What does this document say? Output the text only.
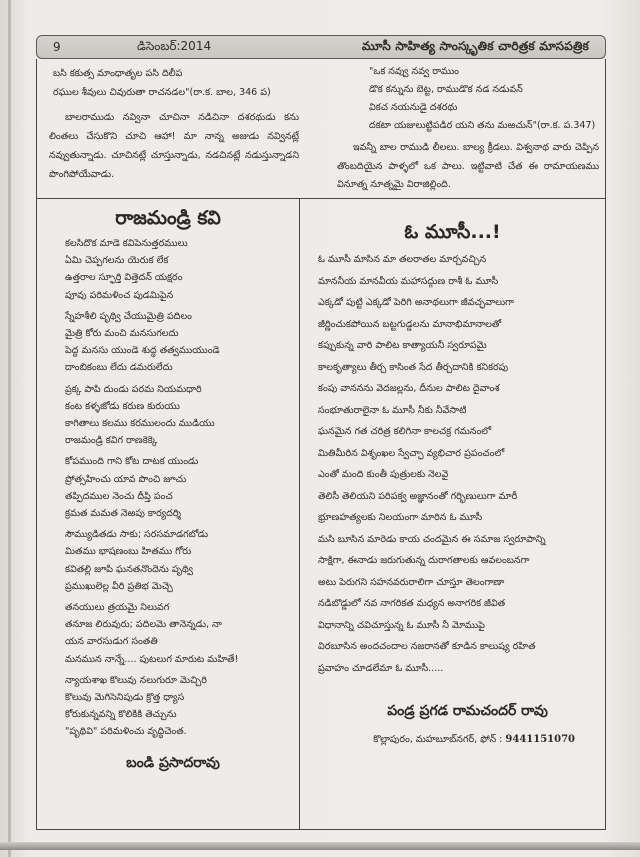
9	డిసెంబర్:2014	మూసీ సాహిత్య సాంస్కృతిక చారిత్రక మాసపత్రిక
బసి కకుత్స మాంధాతృల పసి దిలీప
రఘుల శీవులు చివురుతా రాచనడల"(రా.క. బాల, 346 ప)
బాలరాముడు నవ్వినా చూచినా నడిచినా దశరథుడు కను లింతలు చేసుకొని చూచి ఆహా! మా నాన్న అజుడు నవ్వినట్లే నవ్వుతున్నాడు. చూచినట్లే చూస్తున్నాడు, నడచినట్లే నడుస్తున్నాడని పొంగిపోయేవాడు.
"ఒక నవ్వు నవ్వ రాముం
డొక కన్నును బెట్ట, రాముడొక నడ నడువన్
వికచ నయనుడై దశరథు
దకటా యజులుట్టిపడిర యని తను మఱచున్"(రా.క. ప.347)
ఇవన్నీ బాల రాముడి లీలలు. బాల్య క్రీడలు. విశ్వనాథ వారు చెప్పిన తొంబదియైన పాళ్ళలో ఒక పాలు. ఇట్టివాటి చేత ఈ రామాయణము వినూత్న నూత్నమై విరాజిల్లింది.
రాజమండ్రి కవి
కలసిదొక మాడె కవిపెనుత్తరములు
ఏమి చెప్పగలను యెరుక లేక
ఉత్తరాల స్ఫూర్తి విత్తెదన్ యక్షరం
పూవు పరిమళించ పుడమిపైన
స్నేహశీలి పృథ్వి చేయుమైత్రి పదిలం
మైత్రి కోరు మంచి మనసుగలదు
పెద్ద మనసు యుండె శుద్ధ తత్వముయుండె
దాంబికంబు లేదు డమరులేదు
ప్రక్క పాపి దుండు పరమ నియమధారి
కంట కళ్ళజోడు కరుణ కురుయు
కాగితాలు కలము కరములందు ముడియు
రాజమండ్రి కవిగ రాణకెక్కె
కోపముంది గాని కోట దాటక యుండు
ప్రోత్సహించు యావ పొంచి జూచు
తప్పిదముల నెంచు దీప్తి పంచ
క్రమత మమత నెఱపు కార్యదర్శి
సౌమ్యుడితడు సాకు; సరసమాడగబోడు
మితము భాషణంబు హితము గోరు
కవితల్లి జూపి ఘనతనొందెను పృథ్వి
ప్రముఖులెల్ల వీరి ప్రతిభ మెచ్చె
తనయులు త్రయమై నిలువగ
తనూజ లిరువురు; పదిలమె తానెన్నడు, నా
యన వారసుడుగ సంతతి
మనమున నాన్నే.... పుటలుగ మారుట మహితే!
న్యాయశాఖ కొలువు నలుగురూ మెచ్చిరి
కొలువు మెగిసెనిపుడు క్రొత్త ధ్యాస
కోరుకున్నవన్ని కొలికికి తెచ్చును
"పృథివి" పరిమళించు వృద్ధిచెంత.
బండి ప్రసాదరావు
ఓ మూసీ...!
ఓ మూసీ మాసిన మా తలరాతల మార్చవచ్చిన
మాననీయ మానవీయ మహాసద్గుణ రాశీ ఓ మూసీ
ఎక్కడో పుట్టి ఎక్కడో పెరిగి అనాథలుగా జీవచ్ఛవాలుగా
జీర్ణించుకపోయిన బట్టగుడ్డలను మానాభిమానాలతో
కప్పుకున్న వారి పాలిట కాత్యాయనీ స్వరూపమై
కాలకృత్యాలు తీర్చ కాసింత సేద తీర్చదానికి కనికరపు
కంపు వాననను వెదజల్లను, దీనుల పాలిట దైవాంశ
సంభూతురాలైనా ఓ మూసీ నీకు నీవేసాటి
ఘనమైన గత చరిత్ర కలిగినా కాలచక్ర గమనంలో
మితిమీరిన విశృంఖల స్వేచ్ఛా వ్యభిచార ప్రపంచంలో
ఎంతో మంది కుంతీ పుత్రులకు నెలవై
తెలిసీ తెలియని పరిపక్వ అజ్ఞానంతో గర్భిణులుగా మారీ
భ్రూణహత్యలకు నిలయంగా మారిన ఓ మూసీ
మసి బూసిన మారెడు కాయ చందమైన ఈ సమాజ స్వరూపాన్ని
సాక్షిగా, ఈనాడు జరుగుతున్న దురాగతాలకు ఆవలంబనగా
అటు పెరుగని సహనవరురాలిగా చూస్తూ తెలంగాణా
నడిబొడ్డులో నవ నాగరికత మధ్యన అనాగరిక జీవిత
విధానాన్ని చవిచూస్తున్న ఓ మూసీ నీ మోముపై
విరబూసిన అందచందాల నజరానతో కూడిన కాలుష్య రహిత
ప్రవాహం చూడలేమా ఓ మూసీ.....
పండ్ర ప్రగడ రామచందర్ రావు
కొల్లాపురం, మహబూబ్‌నగర్, ఫోన్ : 9441151070
